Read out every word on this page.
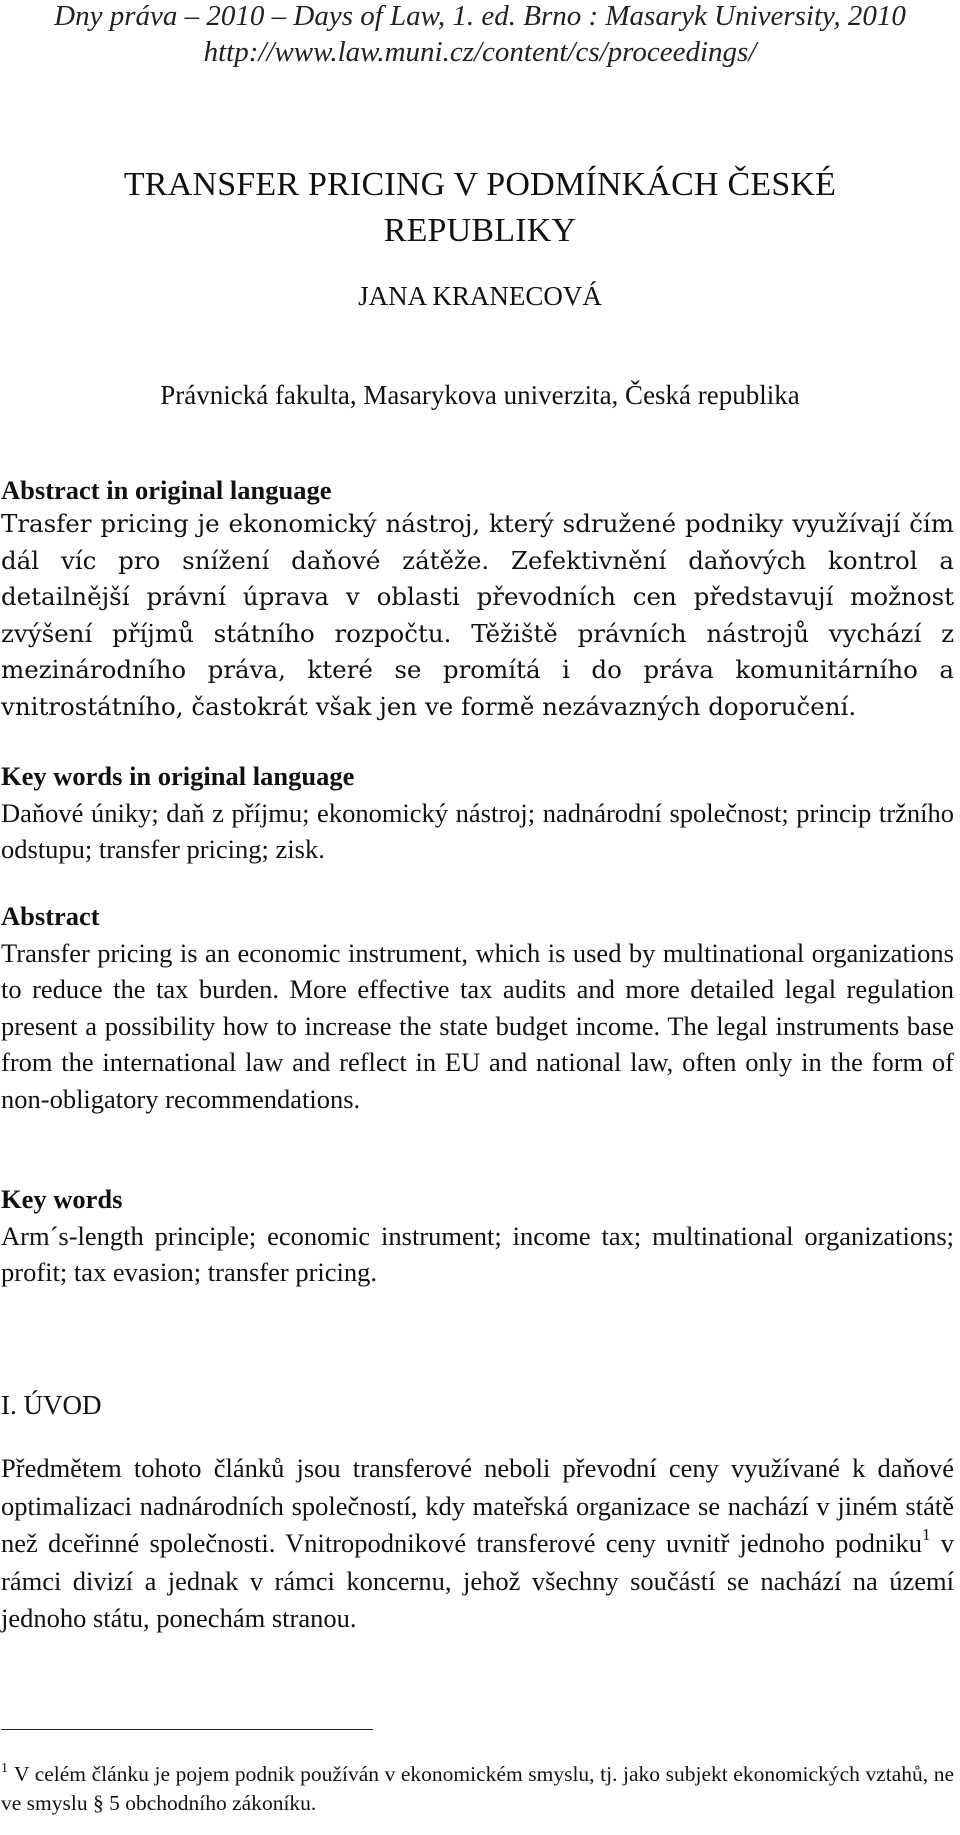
Dny práva – 2010 – Days of Law, 1. ed. Brno : Masaryk University, 2010
http://www.law.muni.cz/content/cs/proceedings/
TRANSFER PRICING V PODMÍNKÁCH ČESKÉ REPUBLIKY
JANA KRANECOVÁ
Právnická fakulta, Masarykova univerzita, Česká republika
Abstract in original language
Trasfer pricing je ekonomický nástroj, který sdružené podniky využívají čím dál víc pro snížení daňové zátěže. Zefektivnění daňových kontrol a detailnější právní úprava v oblasti převodních cen představují možnost zvýšení příjmů státního rozpočtu. Těžiště právních nástrojů vychází z mezinárodního práva, které se promítá i do práva komunitárního a vnitrostátního, častokrát však jen ve formě nezávazných doporučení.
Key words in original language
Daňové úniky; daň z příjmu; ekonomický nástroj; nadnárodní společnost; princip tržního odstupu; transfer pricing; zisk.
Abstract
Transfer pricing is an economic instrument, which is used by multinational organizations to reduce the tax burden. More effective tax audits and more detailed legal regulation present a possibility how to increase the state budget income. The legal instruments base from the international law and reflect in EU and national law, often only in the form of non-obligatory recommendations.
Key words
Arm´s-length principle; economic instrument; income tax; multinational organizations; profit; tax evasion; transfer pricing.
I. ÚVOD
Předmětem tohoto článků jsou transferové neboli převodní ceny využívané k daňové optimalizaci nadnárodních společností, kdy mateřská organizace se nachází v jiném státě než dceřinné společnosti. Vnitropodnikové transferové ceny uvnitř jednoho podniku$^1$ v rámci divizí a jednak v rámci koncernu, jehož všechny součástí se nachází na území jednoho státu, ponechám stranou.
$^1$ V celém článku je pojem podnik používán v ekonomickém smyslu, tj. jako subjekt ekonomických vztahů, ne ve smyslu § 5 obchodního zákoníku.
